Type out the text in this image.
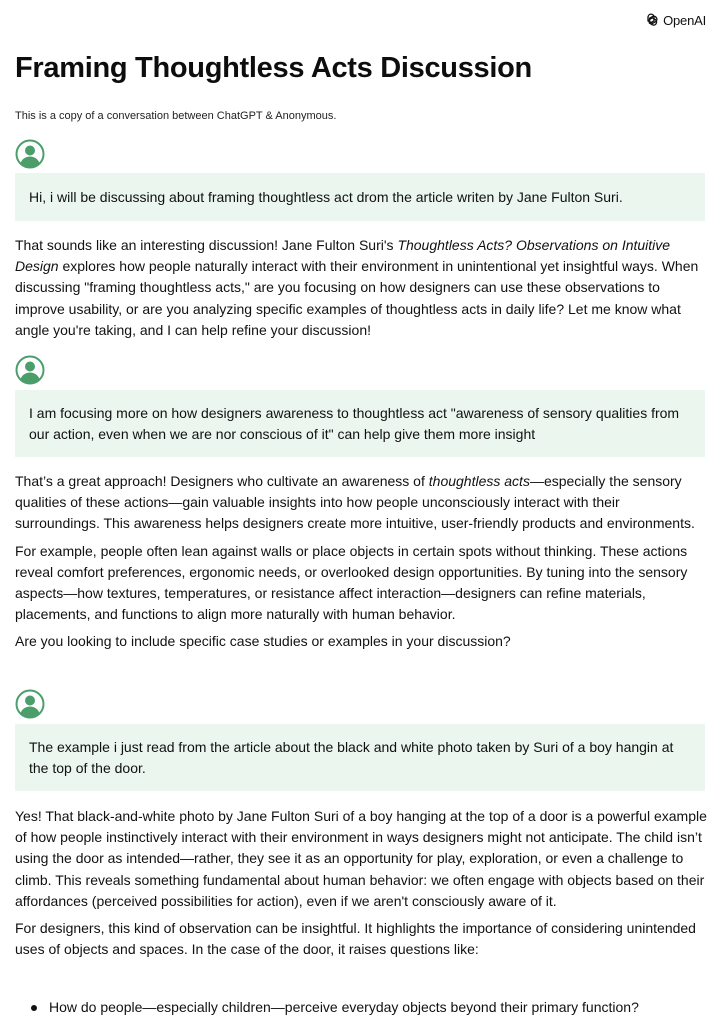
OpenAI
Framing Thoughtless Acts Discussion

This is a copy of a conversation between ChatGPT & Anonymous.

Hi, i will be discussing about framing thoughtless act drom the article writen by Jane Fulton Suri.

That sounds like an interesting discussion! Jane Fulton Suri's Thoughtless Acts? Observations on Intuitive Design explores how people naturally interact with their environment in unintentional yet insightful ways. When discussing "framing thoughtless acts," are you focusing on how designers can use these observations to improve usability, or are you analyzing specific examples of thoughtless acts in daily life? Let me know what angle you're taking, and I can help refine your discussion!

I am focusing more on how designers awareness to thoughtless act "awareness of sensory qualities from our action, even when we are nor conscious of it" can help give them more insight

That’s a great approach! Designers who cultivate an awareness of thoughtless acts—especially the sensory qualities of these actions—gain valuable insights into how people unconsciously interact with their surroundings. This awareness helps designers create more intuitive, user-friendly products and environments.

For example, people often lean against walls or place objects in certain spots without thinking. These actions reveal comfort preferences, ergonomic needs, or overlooked design opportunities. By tuning into the sensory aspects—how textures, temperatures, or resistance affect interaction—designers can refine materials, placements, and functions to align more naturally with human behavior.

Are you looking to include specific case studies or examples in your discussion?

The example i just read from the article about the black and white photo taken by Suri of a boy hangin at the top of the door.

Yes! That black-and-white photo by Jane Fulton Suri of a boy hanging at the top of a door is a powerful example of how people instinctively interact with their environment in ways designers might not anticipate. The child isn’t using the door as intended—rather, they see it as an opportunity for play, exploration, or even a challenge to climb. This reveals something fundamental about human behavior: we often engage with objects based on their affordances (perceived possibilities for action), even if we aren't consciously aware of it.

For designers, this kind of observation can be insightful. It highlights the importance of considering unintended uses of objects and spaces. In the case of the door, it raises questions like:

How do people—especially children—perceive everyday objects beyond their primary function?
